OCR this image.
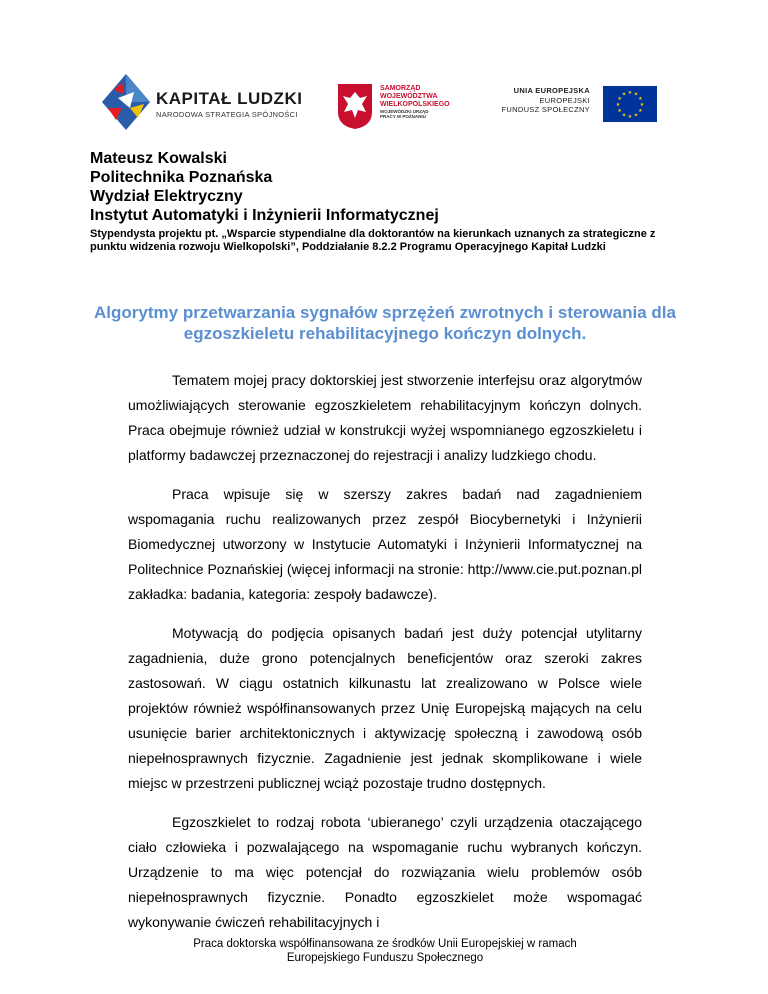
KAPITAŁ LUDZKI
NARODOWA STRATEGIA SPÓJNOŚCI
SAMORZĄD WOJEWÓDZTWA WIELKOPOLSKIEGO
WOJEWÓDZKI URZĄD PRACY W POZNANIU
UNIA EUROPEJSKA
EUROPEJSKI
FUNDUSZ SPOŁECZNY
★ ★
★
★
★
★
★
★
★
★
★
★
Mateusz Kowalski
Politechnika Poznańska
Wydział Elektryczny
Instytut Automatyki i Inżynierii Informatycznej
Stypendysta projektu pt. „Wsparcie stypendialne dla doktorantów na kierunkach uznanych za strategiczne z punktu widzenia rozwoju Wielkopolski”, Poddziałanie 8.2.2 Programu Operacyjnego Kapitał Ludzki
Algorytmy przetwarzania sygnałów sprzężeń zwrotnych i sterowania dla egzoszkieletu rehabilitacyjnego kończyn dolnych.

Tematem mojej pracy doktorskiej jest stworzenie interfejsu oraz algorytmów umożliwiających sterowanie egzoszkieletem rehabilitacyjnym kończyn dolnych. Praca obejmuje również udział w konstrukcji wyżej wspomnianego egzoszkieletu i platformy badawczej przeznaczonej do rejestracji i analizy ludzkiego chodu.

Praca wpisuje się w szerszy zakres badań nad zagadnieniem wspomagania ruchu realizowanych przez zespół Biocybernetyki i Inżynierii Biomedycznej utworzony w Instytucie Automatyki i Inżynierii Informatycznej na Politechnice Poznańskiej (więcej informacji na stronie: http://www.cie.put.poznan.pl zakładka: badania, kategoria: zespoły badawcze).

Motywacją do podjęcia opisanych badań jest duży potencjał utylitarny zagadnienia, duże grono potencjalnych beneficjentów oraz szeroki zakres zastosowań. W ciągu ostatnich kilkunastu lat zrealizowano w Polsce wiele projektów również współfinansowanych przez Unię Europejską mających na celu usunięcie barier architektonicznych i aktywizację społeczną i zawodową osób niepełnosprawnych fizycznie. Zagadnienie jest jednak skomplikowane i wiele miejsc w przestrzeni publicznej wciąż pozostaje trudno dostępnych.

Egzoszkielet to rodzaj robota ‘ubieranego’ czyli urządzenia otaczającego ciało człowieka i pozwalającego na wspomaganie ruchu wybranych kończyn. Urządzenie to ma więc potencjał do rozwiązania wielu problemów osób niepełnosprawnych fizycznie. Ponadto egzoszkielet może wspomagać wykonywanie ćwiczeń rehabilitacyjnych i

Praca doktorska współfinansowana ze środków Unii Europejskiej w ramach
Europejskiego Funduszu Społecznego
